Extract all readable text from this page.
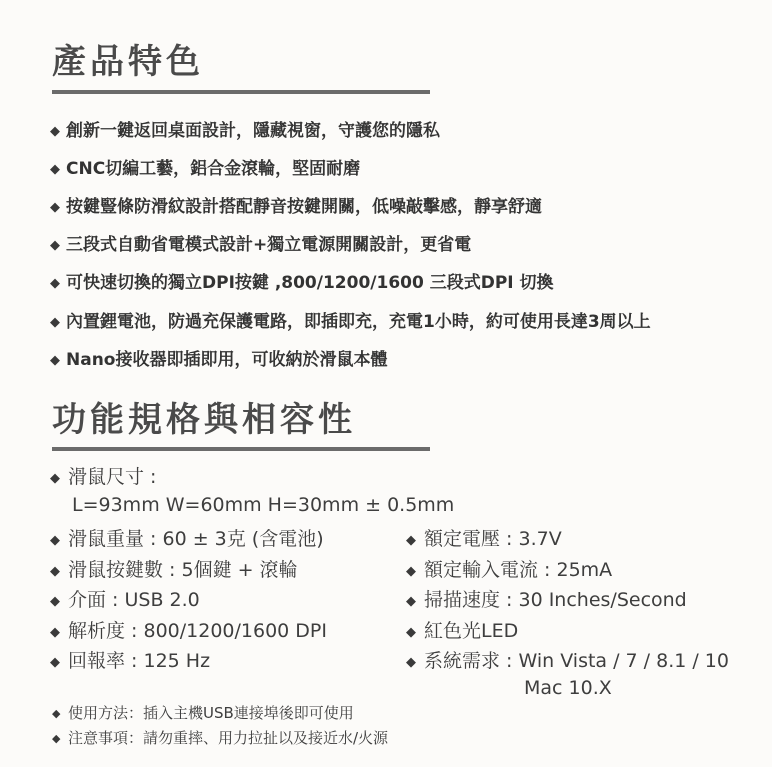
產品特色
◆ 創新一鍵返回桌面設計，隱藏視窗，守護您的隱私
◆ CNC切編工藝，鋁合金滾輪，堅固耐磨
◆ 按鍵豎條防滑紋設計搭配靜音按鍵開關，低噪敲擊感，靜享舒適
◆ 三段式自動省電模式設計+獨立電源開關設計，更省電
◆ 可快速切換的獨立DPI按鍵 ,800/1200/1600 三段式DPI 切換
◆ 內置鋰電池，防過充保護電路，即插即充，充電1小時，約可使用長達3周以上
◆ Nano接收器即插即用，可收納於滑鼠本體
功能規格與相容性
◆ 滑鼠尺寸 :
L=93mm W=60mm H=30mm ± 0.5mm
◆ 滑鼠重量 : 60 ± 3克 (含電池)
◆ 滑鼠按鍵數 : 5個鍵 + 滾輪
◆ 介面 : USB 2.0
◆ 解析度 : 800/1200/1600 DPI
◆ 回報率 : 125 Hz
◆ 額定電壓 : 3.7V
◆ 額定輸入電流 : 25mA
◆ 掃描速度 : 30 Inches/Second
◆ 紅色光LED
◆ 系統需求 : Win Vista / 7 / 8.1 / 10
Mac 10.X
◆ 使用方法：插入主機USB連接埠後即可使用
◆ 注意事項：請勿重摔、用力拉扯以及接近水/火源
